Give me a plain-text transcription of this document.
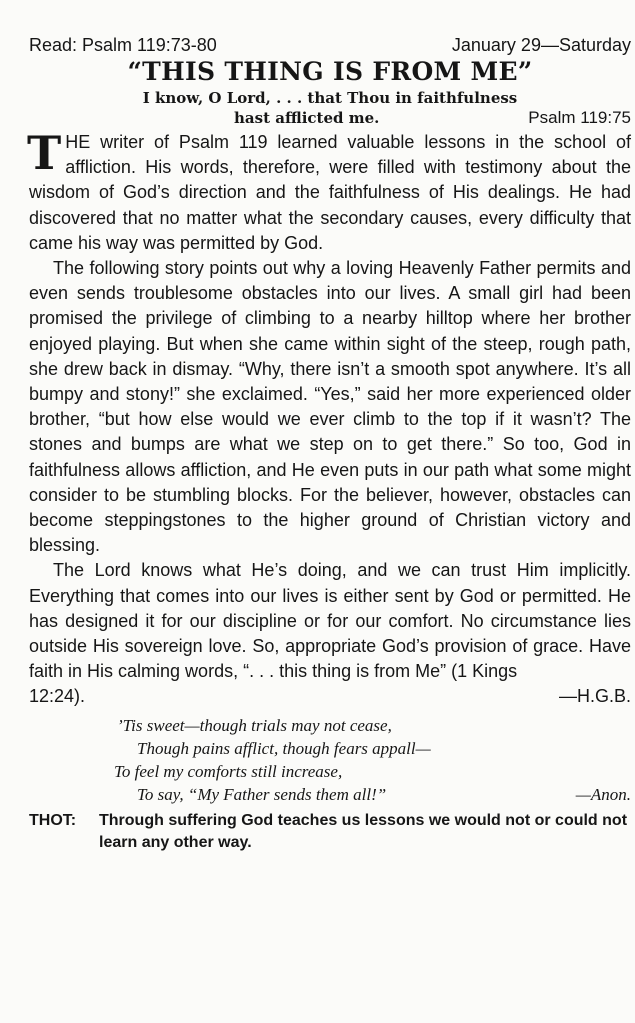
Read: Psalm 119:73-80	January 29—Saturday
“THIS THING IS FROM ME”
I know, O Lord, . . . that Thou in faithfulness
hast afflicted me.	Psalm 119:75

THE writer of Psalm 119 learned valuable lessons in the school of affliction. His words, therefore, were filled with testimony about the wisdom of God’s direction and the faithfulness of His dealings. He had discovered that no matter what the secondary causes, every difficulty that came his way was permitted by God.

The following story points out why a loving Heavenly Father permits and even sends troublesome obstacles into our lives. A small girl had been promised the privilege of climbing to a nearby hilltop where her brother enjoyed playing. But when she came within sight of the steep, rough path, she drew back in dismay. “Why, there isn’t a smooth spot anywhere. It’s all bumpy and stony!” she exclaimed. “Yes,” said her more experienced older brother, “but how else would we ever climb to the top if it wasn’t? The stones and bumps are what we step on to get there.” So too, God in faithfulness allows affliction, and He even puts in our path what some might consider to be stumbling blocks. For the believer, however, obstacles can become steppingstones to the higher ground of Christian victory and blessing.

The Lord knows what He’s doing, and we can trust Him implicitly. Everything that comes into our lives is either sent by God or permitted. He has designed it for our discipline or for our comfort. No circumstance lies outside His sovereign love. So, appropriate God’s provision of grace. Have faith in His calming words, “. . . this thing is from Me” (1 Kings

12:24).	—H.G.B.
’Tis sweet—though trials may not cease,
Though pains afflict, though fears appall—
To feel my comforts still increase,
To say, “My Father sends them all!”	—Anon.
THOT:	Through suffering God teaches us lessons we would not or could not learn any other way.
